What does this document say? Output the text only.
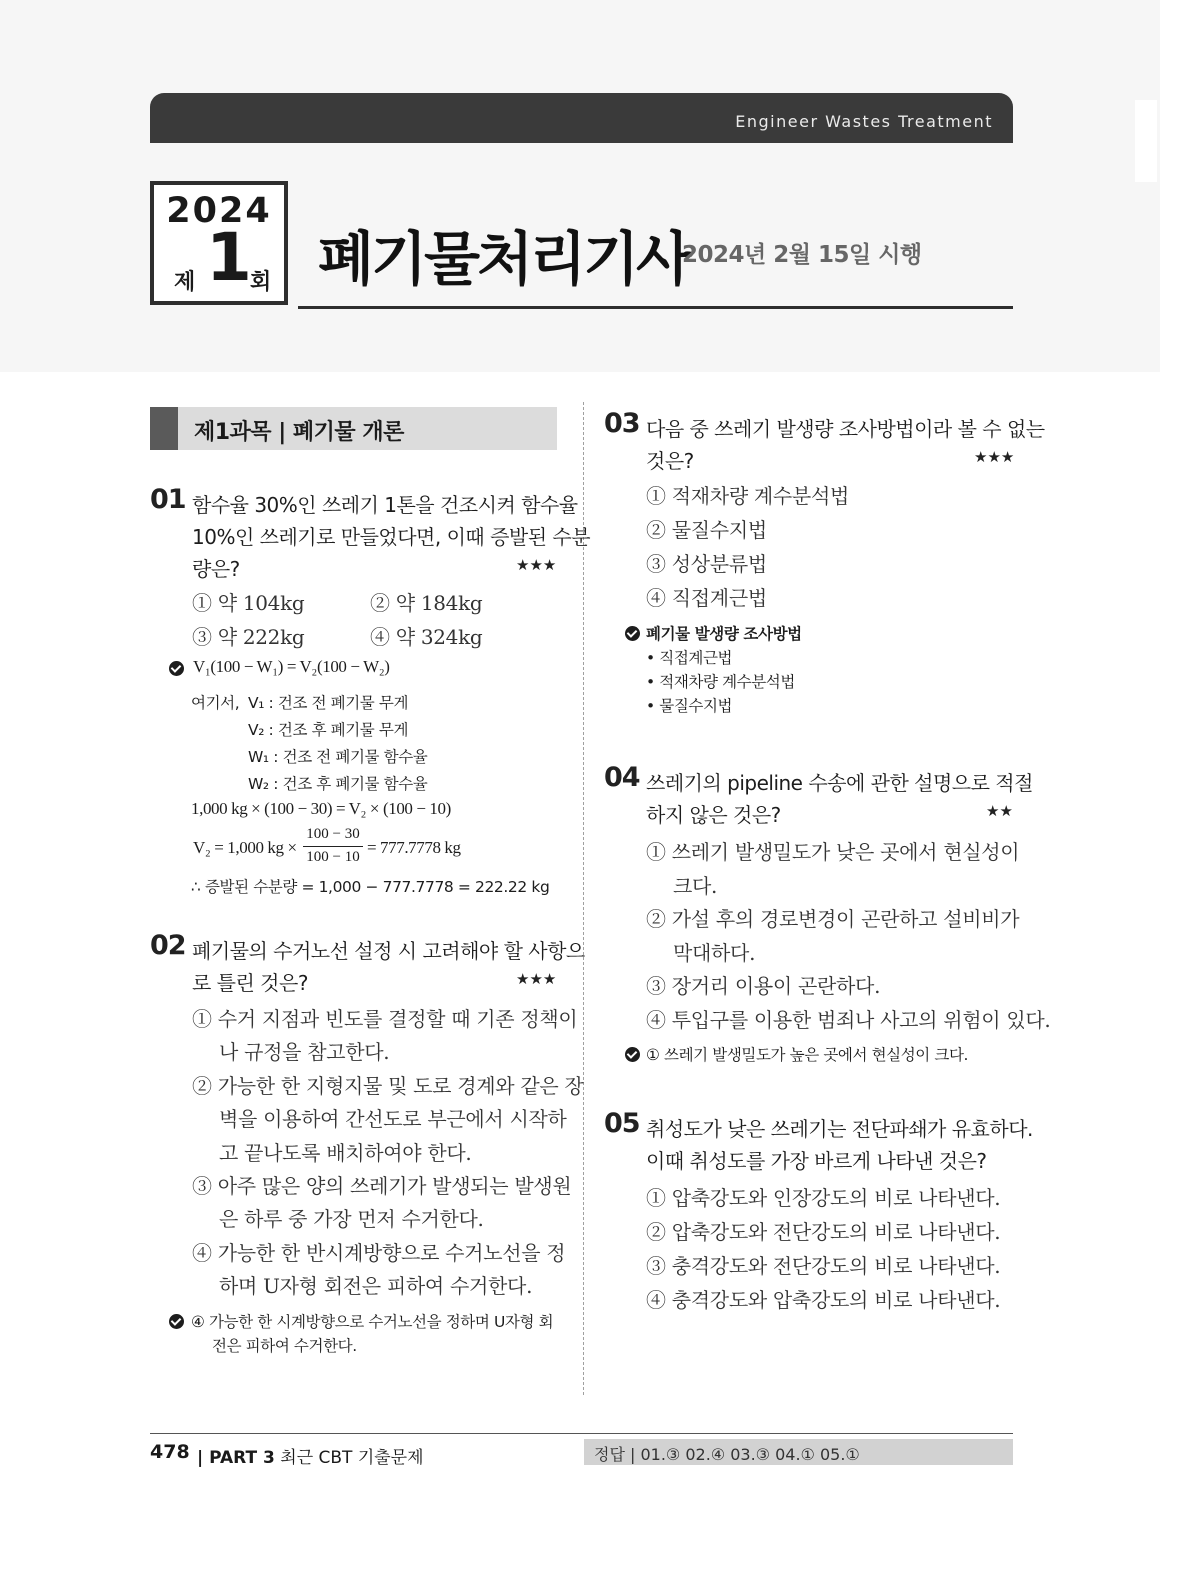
Engineer Wastes Treatment
2024
제 1
회 폐기물처리기사
2024년 2월 15일 시행
제1과목 | 폐기물 개론
01 함수율 30%인 쓰레기 1톤을 건조시켜 함수율
10%인 쓰레기로 만들었다면, 이때 증발된 수분
량은?	★★★
① 약 104kg	② 약 184kg
③ 약 222kg	④ 약 324kg
V₁(100 − W₁) = V₂(100 − W₂)
여기서, V₁ : 건조 전 폐기물 무게
V₂ : 건조 후 폐기물 무게
W₁ : 건조 전 폐기물 함수율
W₂ : 건조 후 폐기물 함수율
1,000 kg × (100 − 30) = V₂ × (100 − 10)
V₂ = 1,000 kg ×
100 − 30
100 − 10 = 777.7778 kg
∴ 증발된 수분량 = 1,000 − 777.7778 = 222.22 kg
02 폐기물의 수거노선 설정 시 고려해야 할 사항으
로 틀린 것은?	★★★
① 수거 지점과 빈도를 결정할 때 기존 정책이
나 규정을 참고한다.
② 가능한 한 지형지물 및 도로 경계와 같은 장
벽을 이용하여 간선도로 부근에서 시작하
고 끝나도록 배치하여야 한다.
③ 아주 많은 양의 쓰레기가 발생되는 발생원
은 하루 중 가장 먼저 수거한다.
④ 가능한 한 반시계방향으로 수거노선을 정
하며 U자형 회전은 피하여 수거한다.
④ 가능한 한 시계방향으로 수거노선을 정하며 U자형 회
전은 피하여 수거한다.
03 다음 중 쓰레기 발생량 조사방법이라 볼 수 없는
것은?	★★★
① 적재차량 계수분석법
② 물질수지법
③ 성상분류법
④ 직접계근법
폐기물 발생량 조사방법
• 직접계근법
• 적재차량 계수분석법
• 물질수지법
04 쓰레기의 pipeline 수송에 관한 설명으로 적절
하지 않은 것은?	★★
① 쓰레기 발생밀도가 낮은 곳에서 현실성이
크다.
② 가설 후의 경로변경이 곤란하고 설비비가
막대하다.
③ 장거리 이용이 곤란하다.
④ 투입구를 이용한 범죄나 사고의 위험이 있다.
① 쓰레기 발생밀도가 높은 곳에서 현실성이 크다.
05 취성도가 낮은 쓰레기는 전단파쇄가 유효하다.
이때 취성도를 가장 바르게 나타낸 것은?
① 압축강도와 인장강도의 비로 나타낸다.
② 압축강도와 전단강도의 비로 나타낸다.
③ 충격강도와 전단강도의 비로 나타낸다.
④ 충격강도와 압축강도의 비로 나타낸다.
478 | PART 3 최근 CBT 기출문제	정답 | 01.③ 02.④ 03.③ 04.① 05.①
